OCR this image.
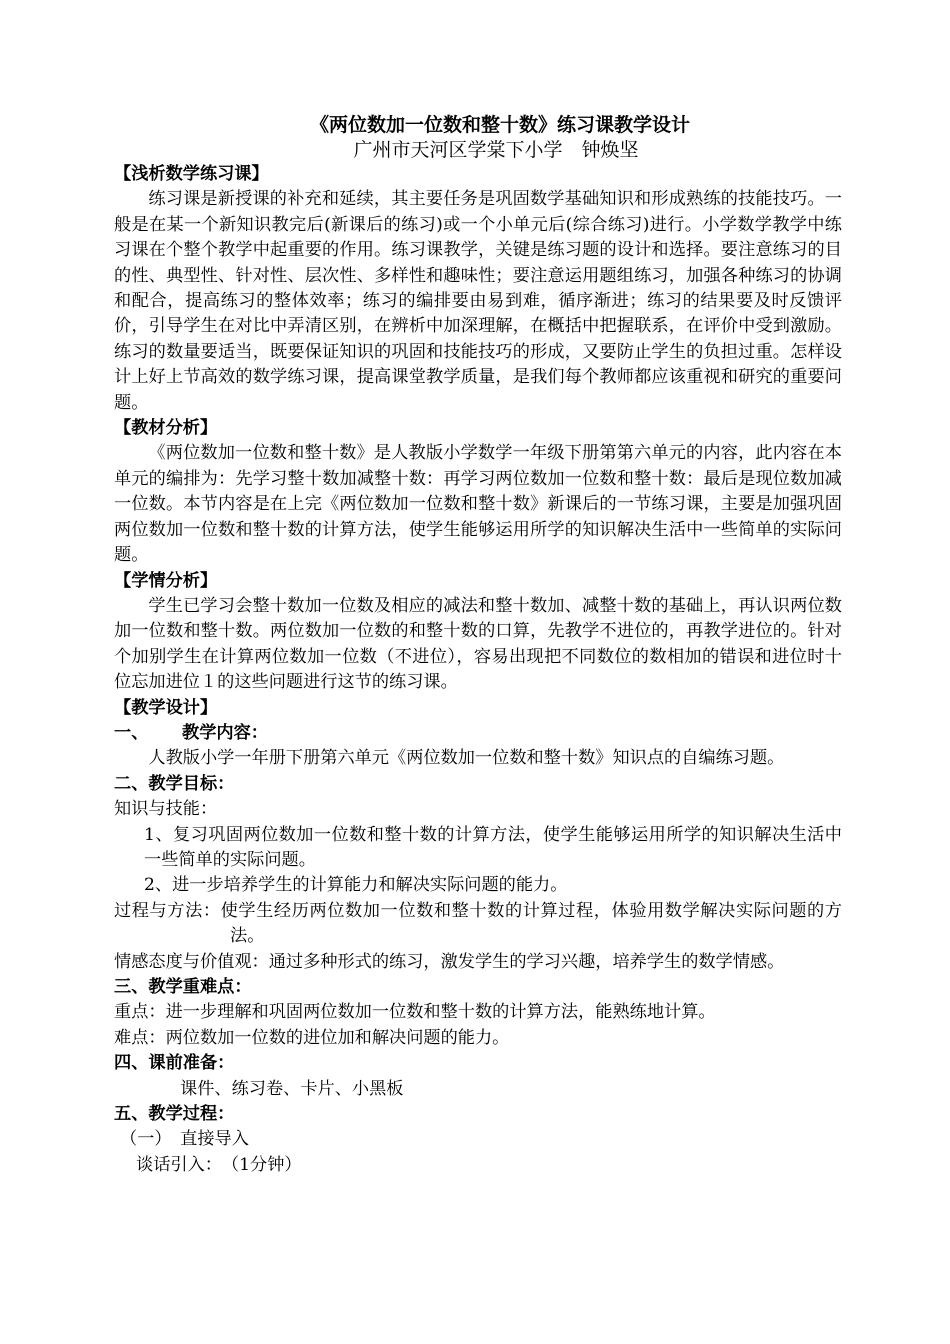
《两位数加一位数和整十数》练习课教学设计
广州市天河区学棠下小学　钟焕坚
【浅析数学练习课】

练习课是新授课的补充和延续，其主要任务是巩固数学基础知识和形成熟练的技能技巧。一般是在某一个新知识教完后(新课后的练习)或一个小单元后(综合练习)进行。小学数学教学中练习课在个整个教学中起重要的作用。练习课教学，关键是练习题的设计和选择。要注意练习的目的性、典型性、针对性、层次性、多样性和趣味性；要注意运用题组练习，加强各种练习的协调和配合，提高练习的整体效率；练习的编排要由易到难，循序渐进；练习的结果要及时反馈评价，引导学生在对比中弄清区别，在辨析中加深理解，在概括中把握联系，在评价中受到激励。练习的数量要适当，既要保证知识的巩固和技能技巧的形成，又要防止学生的负担过重。怎样设计上好上节高效的数学练习课，提高课堂教学质量，是我们每个教师都应该重视和研究的重要问题。

【教材分析】

《两位数加一位数和整十数》是人教版小学数学一年级下册第第六单元的内容，此内容在本单元的编排为：先学习整十数加减整十数：再学习两位数加一位数和整十数：最后是现位数加减一位数。本节内容是在上完《两位数加一位数和整十数》新课后的一节练习课，主要是加强巩固两位数加一位数和整十数的计算方法，使学生能够运用所学的知识解决生活中一些简单的实际问题。

【学情分析】

学生已学习会整十数加一位数及相应的减法和整十数加、减整十数的基础上，再认识两位数加一位数和整十数。两位数加一位数的和整十数的口算，先教学不进位的，再教学进位的。针对个加别学生在计算两位数加一位数（不进位），容易出现把不同数位的数相加的错误和进位时十位忘加进位１的这些问题进行这节的练习课。

【教学设计】
一、 教学内容：

人教版小学一年册下册第六单元《两位数加一位数和整十数》知识点的自编练习题。

二、教学目标：
知识与技能：

1、复习巩固两位数加一位数和整十数的计算方法，使学生能够运用所学的知识解决生活中一些简单的实际问题。

2、进一步培养学生的计算能力和解决实际问题的能力。

过程与方法：使学生经历两位数加一位数和整十数的计算过程，体验用数学解决实际问题的方法。

情感态度与价值观：通过多种形式的练习，激发学生的学习兴趣，培养学生的数学情感。

三、教学重难点：
重点：进一步理解和巩固两位数加一位数和整十数的计算方法，能熟练地计算。
难点：两位数加一位数的进位加和解决问题的能力。
四、课前准备：
课件、练习卷、卡片、小黑板
五、教学过程：
（一）　直接导入
谈话引入：　（1分钟）
